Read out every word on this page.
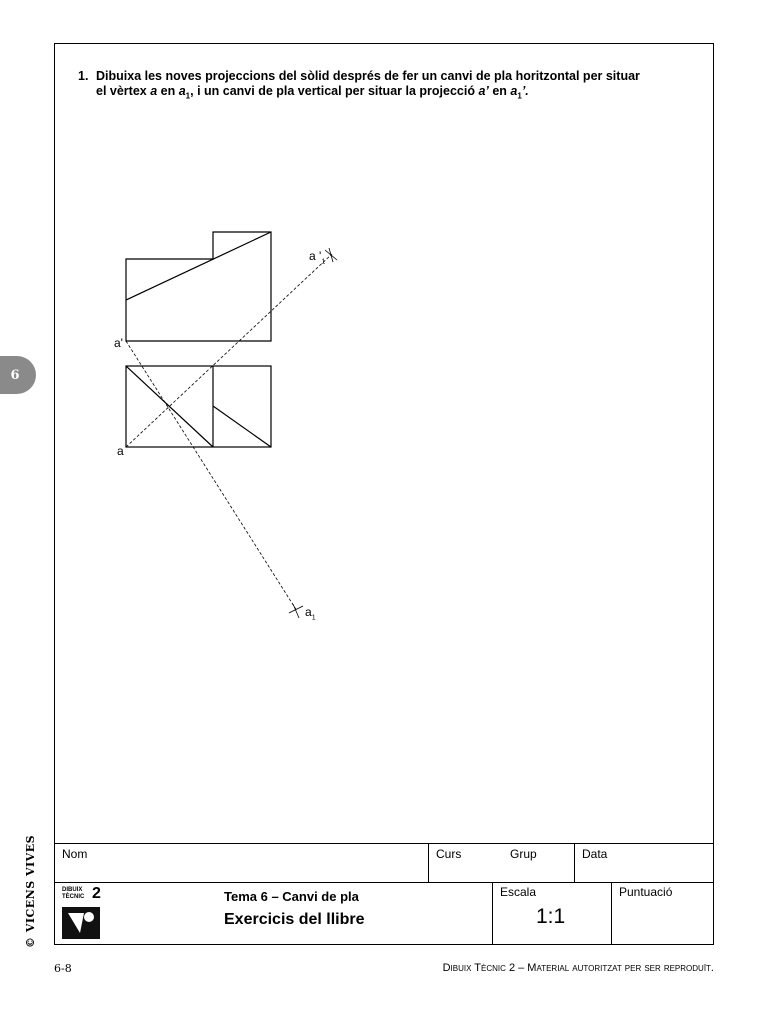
1. Dibuixa les noves projeccions del sòlid després de fer un canvi de pla horitzontal per situar
el vèrtex a en $a_1$, i un canvi de pla vertical per situar la projecció a’ en $a_1$’.
a'
a
a '$_1$
$a_1$
Nom	Curs	Grup	Data
DIBUIX
TÈCNIC 2	Tema 6 – Canvi de pla
Exercicis del llibre
Escala
1:1
Puntuació
6
© VICENS VIVES
6-8	Dibuix Tècnic 2 – Material autoritzat per ser reproduït.
